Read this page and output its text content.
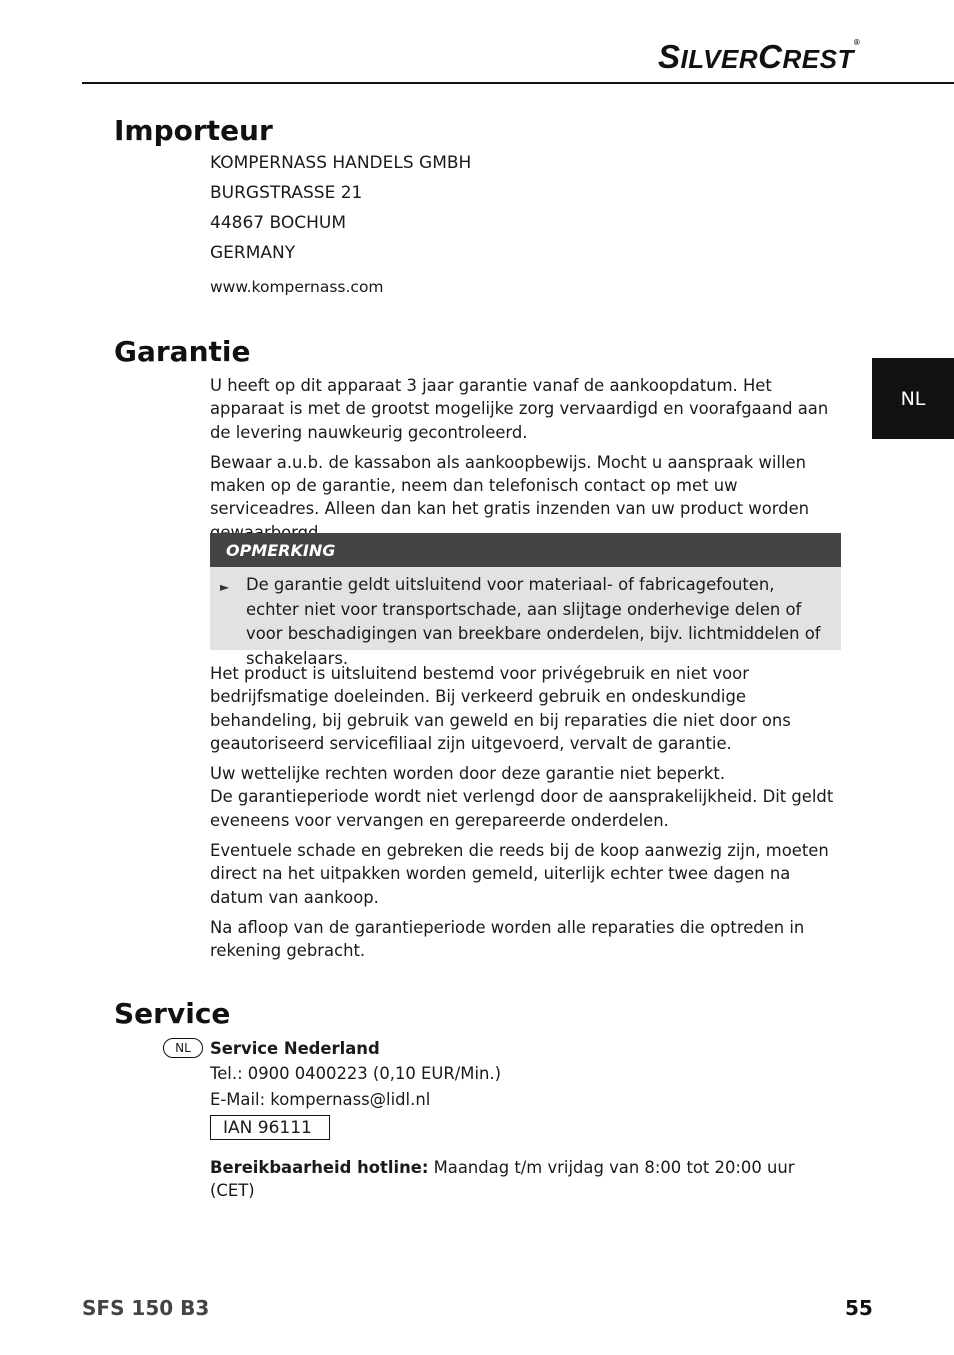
SILVERCREST®
NL
Importeur

KOMPERNASS HANDELS GMBH

BURGSTRASSE 21

44867 BOCHUM

GERMANY

www.kompernass.com

Garantie

U heeft op dit apparaat 3 jaar garantie vanaf de aankoopdatum. Het apparaat is met de grootst mogelijke zorg vervaardigd en voorafgaand aan de levering nauwkeurig gecontroleerd.

Bewaar a.u.b. de kassabon als aankoopbewijs. Mocht u aanspraak willen maken op de garantie, neem dan telefonisch contact op met uw serviceadres. Alleen dan kan het gratis inzenden van uw product worden

OPMERKING
► De garantie geldt uitsluitend voor materiaal- of fabricagefouten, echter niet voor transportschade, aan slijtage onderhevige delen of voor beschadigingen van breekbare onderdelen, bijv. lichtmiddelen of schakelaars.

Het product is uitsluitend bestemd voor privégebruik en niet voor bedrijfsmatige doeleinden. Bij verkeerd gebruik en ondeskundige behandeling, bij gebruik van geweld en bij reparaties die niet door ons geautoriseerd servicefiliaal zijn uitgevoerd, vervalt de garantie.

Uw wettelijke rechten worden door deze garantie niet beperkt.

De garantieperiode wordt niet verlengd door de aansprakelijkheid. Dit geldt eveneens voor vervangen en gerepareerde onderdelen.

Eventuele schade en gebreken die reeds bij de koop aanwezig zijn, moeten direct na het uitpakken worden gemeld, uiterlijk echter twee dagen na datum van aankoop.

Na afloop van de garantieperiode worden alle reparaties die optreden in rekening gebracht.

Service
NL	Service Nederland

Tel.: 0900 0400223 (0,10 EUR/Min.)

E-Mail: kompernass@lidl.nl

IAN 96111

Bereikbaarheid hotline: Maandag t/m vrijdag van 8:00 tot 20:00 uur (CET)

SFS 150 B3	55
